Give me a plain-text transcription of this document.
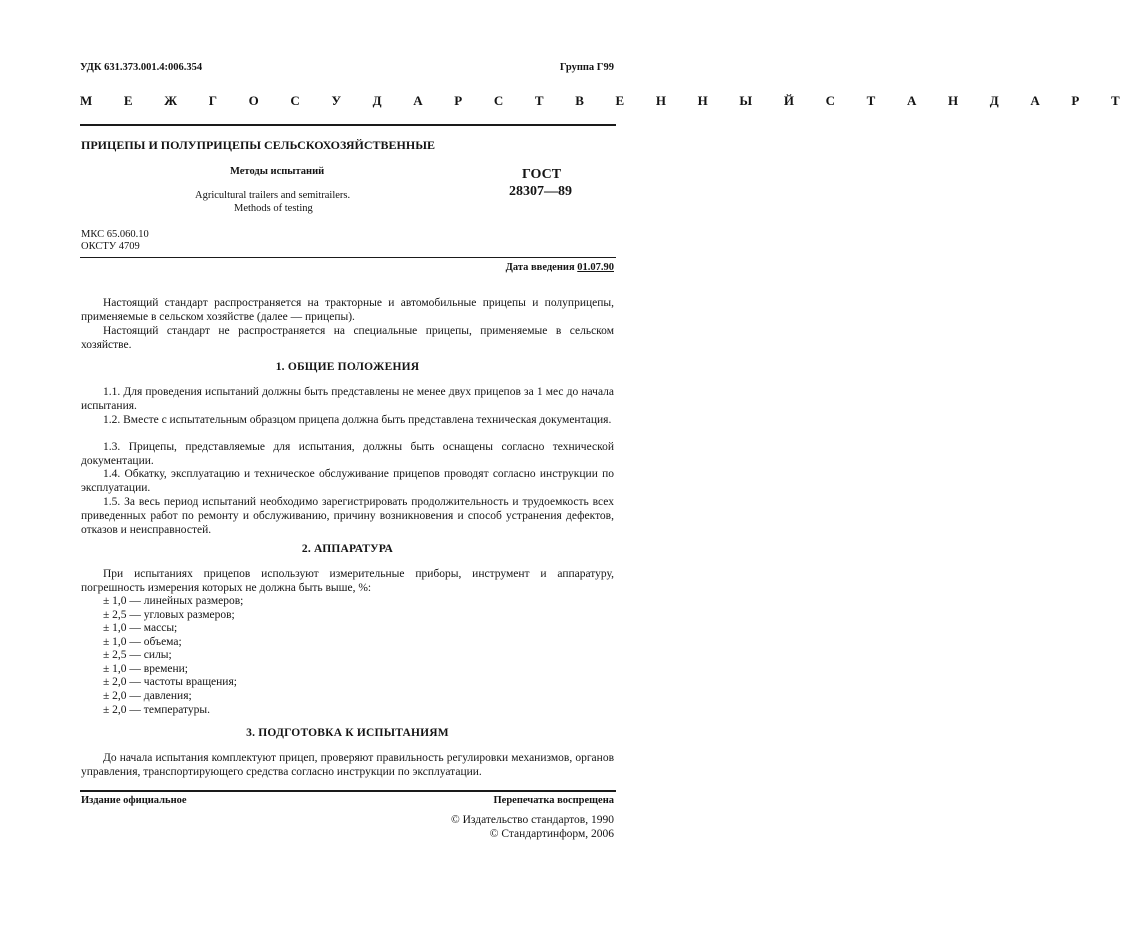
УДК 631.373.001.4:006.354	Группа Г99
М Е Ж Г О С У Д А Р С Т В Е Н Н Ы Й С Т А Н Д А Р Т
ПРИЦЕПЫ И ПОЛУПРИЦЕПЫ СЕЛЬСКОХОЗЯЙСТВЕННЫЕ
Методы испытаний
Agricultural trailers and semitrailers.
Methods of testing
ГОСТ
28307—89
МКС 65.060.10
ОКСТУ 4709
Дата введения 01.07.90

Настоящий стандарт распространяется на тракторные и автомобильные прицепы и полуприцепы, применяемые в сельском хозяйстве (далее — прицепы).

Настоящий стандарт не распространяется на специальные прицепы, применяемые в сельском хозяйстве.

1. ОБЩИЕ ПОЛОЖЕНИЯ

1.1. Для проведения испытаний должны быть представлены не менее двух прицепов за 1 мес до начала испытания.

1.2. Вместе с испытательным образцом прицепа должна быть представлена техническая документация.

1.3. Прицепы, представляемые для испытания, должны быть оснащены согласно технической документации.

1.4. Обкатку, эксплуатацию и техническое обслуживание прицепов проводят согласно инструкции по эксплуатации.

1.5. За весь период испытаний необходимо зарегистрировать продолжительность и трудоемкость всех приведенных работ по ремонту и обслуживанию, причину возникновения и способ устранения дефектов, отказов и неисправностей.

2. АППАРАТУРА

При испытаниях прицепов используют измерительные приборы, инструмент и аппаратуру, погрешность измерения которых не должна быть выше, %:

± 1,0 — линейных размеров;
± 2,5 — угловых размеров;
± 1,0 — массы;
± 1,0 — объема;
± 2,5 — силы;
± 1,0 — времени;
± 2,0 — частоты вращения;
± 2,0 — давления;
± 2,0 — температуры.
3. ПОДГОТОВКА К ИСПЫТАНИЯМ

До начала испытания комплектуют прицеп, проверяют правильность регулировки механизмов, органов управления, транспортирующего средства согласно инструкции по эксплуатации.

Издание официальное	Перепечатка воспрещена
© Издательство стандартов, 1990
© Стандартинформ, 2006
